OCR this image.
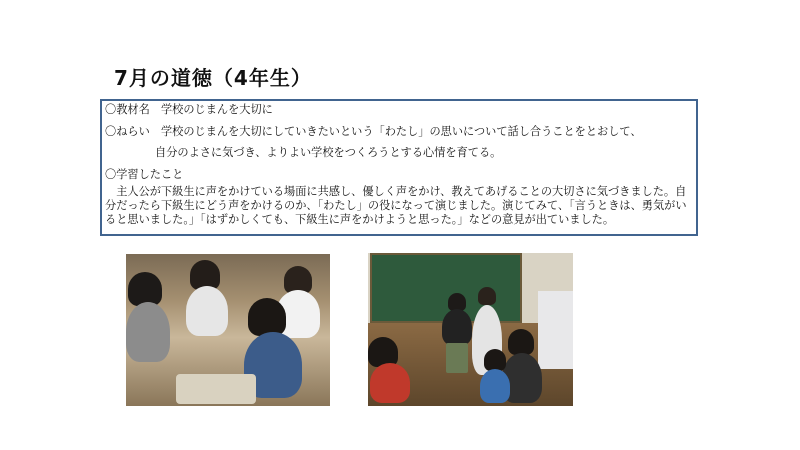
7月の道徳（4年生）
〇教材名　学校のじまんを大切に
〇ねらい　学校のじまんを大切にしていきたいという「わたし」の思いについて話し合うことをとおして、
自分のよさに気づき、よりよい学校をつくろうとする心情を育てる。
〇学習したこと
　主人公が下級生に声をかけている場面に共感し、優しく声をかけ、教えてあげることの大切さに気づきました。自分だったら下級生にどう声をかけるのか、「わたし」の役になって演じました。演じてみて、「言うときは、勇気がいると思いました。」「はずかしくても、下級生に声をかけようと思った。」などの意見が出ていました。
